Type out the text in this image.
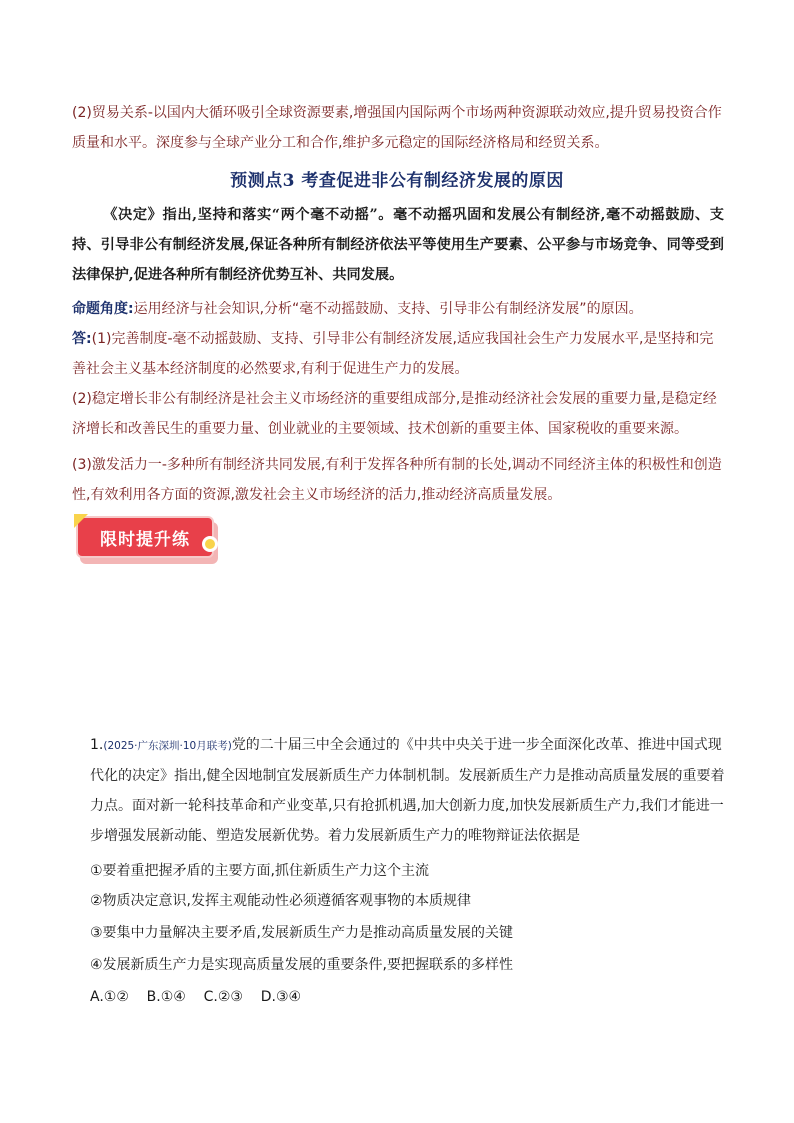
(2)贸易关系-以国内大循环吸引全球资源要素,增强国内国际两个市场两种资源联动效应,提升贸易投资合作质量和水平。深度参与全球产业分工和合作,维护多元稳定的国际经济格局和经贸关系。

预测点3 考查促进非公有制经济发展的原因

《决定》指出,坚持和落实“两个毫不动摇”。毫不动摇巩固和发展公有制经济,毫不动摇鼓励、支持、引导非公有制经济发展,保证各种所有制经济依法平等使用生产要素、公平参与市场竞争、同等受到法律保护,促进各种所有制经济优势互补、共同发展。

命题角度:运用经济与社会知识,分析“毫不动摇鼓励、支持、引导非公有制经济发展”的原因。

答:(1)完善制度-毫不动摇鼓励、支持、引导非公有制经济发展,适应我国社会生产力发展水平,是坚持和完善社会主义基本经济制度的必然要求,有利于促进生产力的发展。

(2)稳定增长非公有制经济是社会主义市场经济的重要组成部分,是推动经济社会发展的重要力量,是稳定经济增长和改善民生的重要力量、创业就业的主要领域、技术创新的重要主体、国家税收的重要来源。

(3)激发活力一-多种所有制经济共同发展,有利于发挥各种所有制的长处,调动不同经济主体的积极性和创造性,有效利用各方面的资源,激发社会主义市场经济的活力,推动经济高质量发展。

限时提升练

1.(2025·广东深圳·10月联考)党的二十届三中全会通过的《中共中央关于进一步全面深化改革、推进中国式现代化的决定》指出,健全因地制宜发展新质生产力体制机制。发展新质生产力是推动高质量发展的重要着力点。面对新一轮科技革命和产业变革,只有抢抓机遇,加大创新力度,加快发展新质生产力,我们才能进一步增强发展新动能、塑造发展新优势。着力发展新质生产力的唯物辩证法依据是

①要着重把握矛盾的主要方面,抓住新质生产力这个主流

②物质决定意识,发挥主观能动性必须遵循客观事物的本质规律

③要集中力量解决主要矛盾,发展新质生产力是推动高质量发展的关键

④发展新质生产力是实现高质量发展的重要条件,要把握联系的多样性

A.①②    B.①④    C.②③    D.③④
